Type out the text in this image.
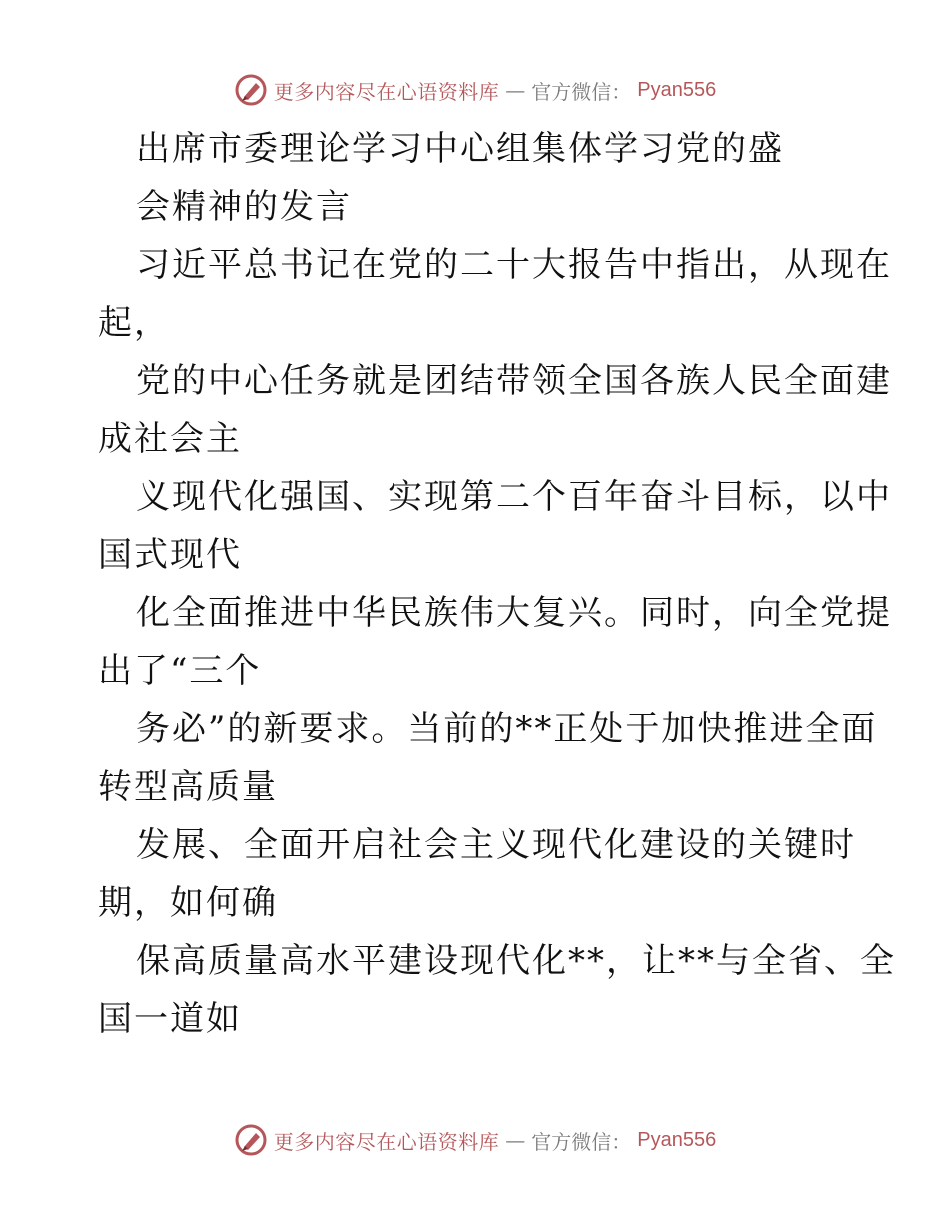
更多内容尽在心语资料库 — 官方微信： Pyan556
出席市委理论学习中心组集体学习党的盛
会精神的发言
习近平总书记在党的二十大报告中指出，从现在
起，
党的中心任务就是团结带领全国各族人民全面建
成社会主
义现代化强国、实现第二个百年奋斗目标，以中
国式现代
化全面推进中华民族伟大复兴。同时，向全党提
出了“三个
务必”的新要求。当前的**正处于加快推进全面
转型高质量
发展、全面开启社会主义现代化建设的关键时
期，如何确
保高质量高水平建设现代化**，让**与全省、全
国一道如
更多内容尽在心语资料库 — 官方微信： Pyan556
